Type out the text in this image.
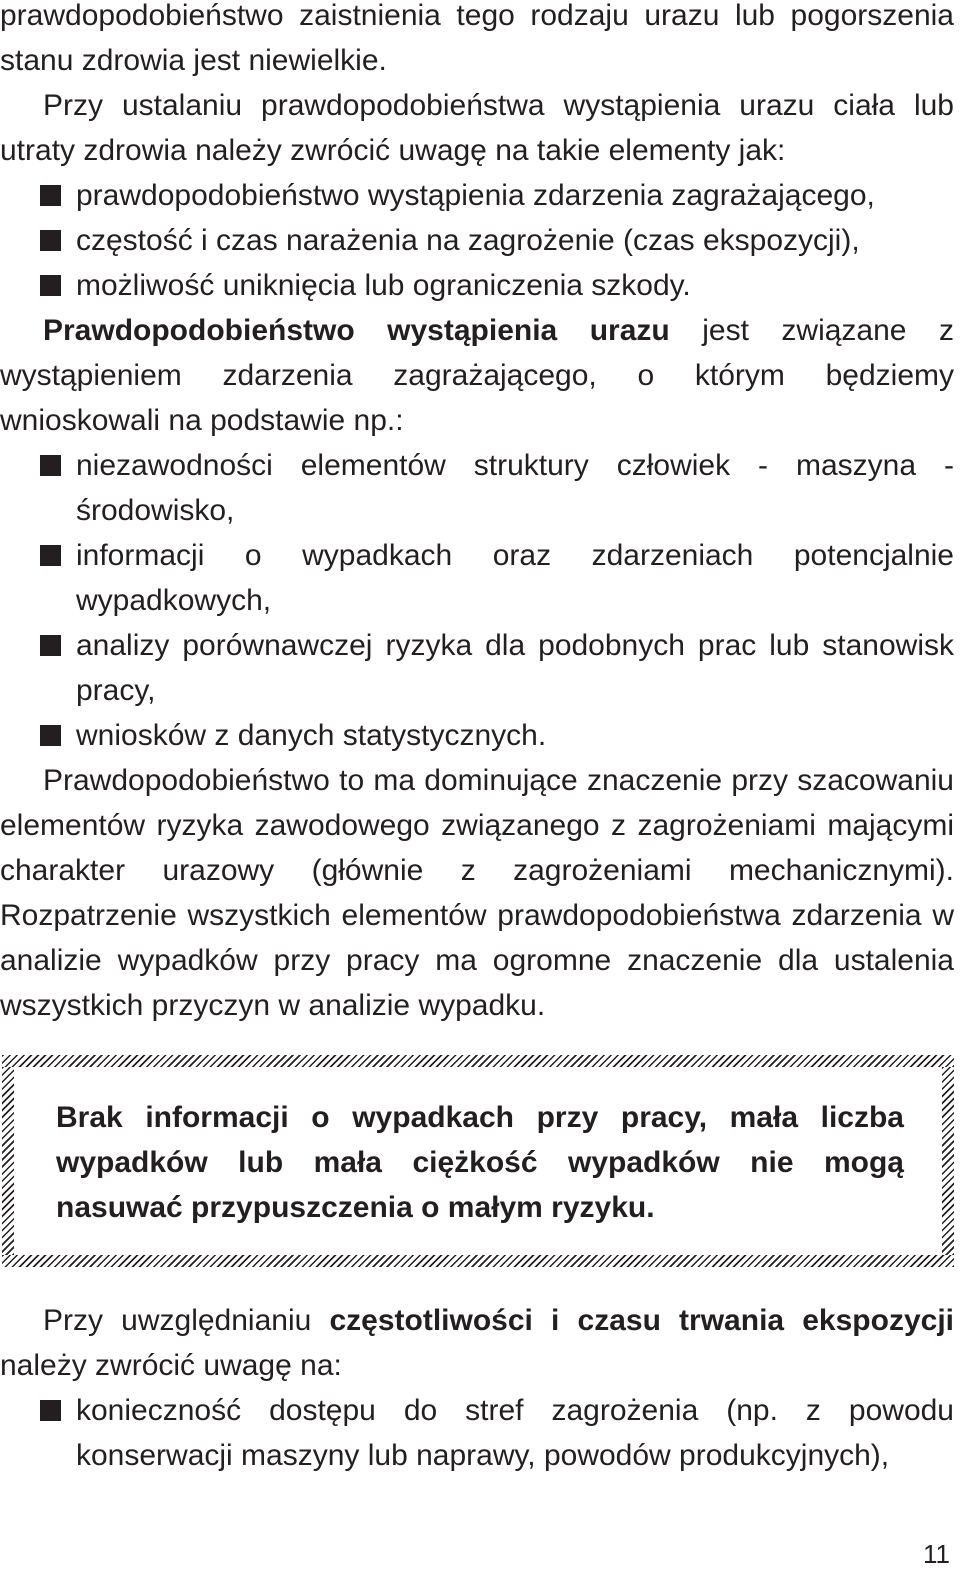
prawdopodobieństwo zaistnienia tego rodzaju urazu lub pogorszenia stanu zdrowia jest niewielkie.

Przy ustalaniu prawdopodobieństwa wystąpienia urazu ciała lub utraty zdrowia należy zwrócić uwagę na takie elementy jak:

prawdopodobieństwo wystąpienia zdarzenia zagrażającego,
częstość i czas narażenia na zagrożenie (czas ekspozycji),
możliwość uniknięcia lub ograniczenia szkody.

Prawdopodobieństwo wystąpienia urazu jest związane z wystąpieniem zdarzenia zagrażającego, o którym będziemy wnioskowali na podstawie np.:

niezawodności elementów struktury człowiek - maszyna - środowisko,
informacji o wypadkach oraz zdarzeniach potencjalnie wypadkowych,
analizy porównawczej ryzyka dla podobnych prac lub stanowisk pracy,
wniosków z danych statystycznych.

Prawdopodobieństwo to ma dominujące znaczenie przy szacowaniu elementów ryzyka zawodowego związanego z zagrożeniami mającymi charakter urazowy (głównie z zagrożeniami mechanicznymi). Rozpatrzenie wszystkich elementów prawdopodobieństwa zdarzenia w analizie wypadków przy pracy ma ogromne znaczenie dla ustalenia wszystkich przyczyn w analizie wypadku.

Brak informacji o wypadkach przy pracy, mała liczba wypadków lub mała ciężkość wypadków nie mogą nasuwać przypuszczenia o małym ryzyku.

Przy uwzględnianiu częstotliwości i czasu trwania ekspozycji należy zwrócić uwagę na:

konieczność dostępu do stref zagrożenia (np. z powodu konserwacji maszyny lub naprawy, powodów produkcyjnych),
11
